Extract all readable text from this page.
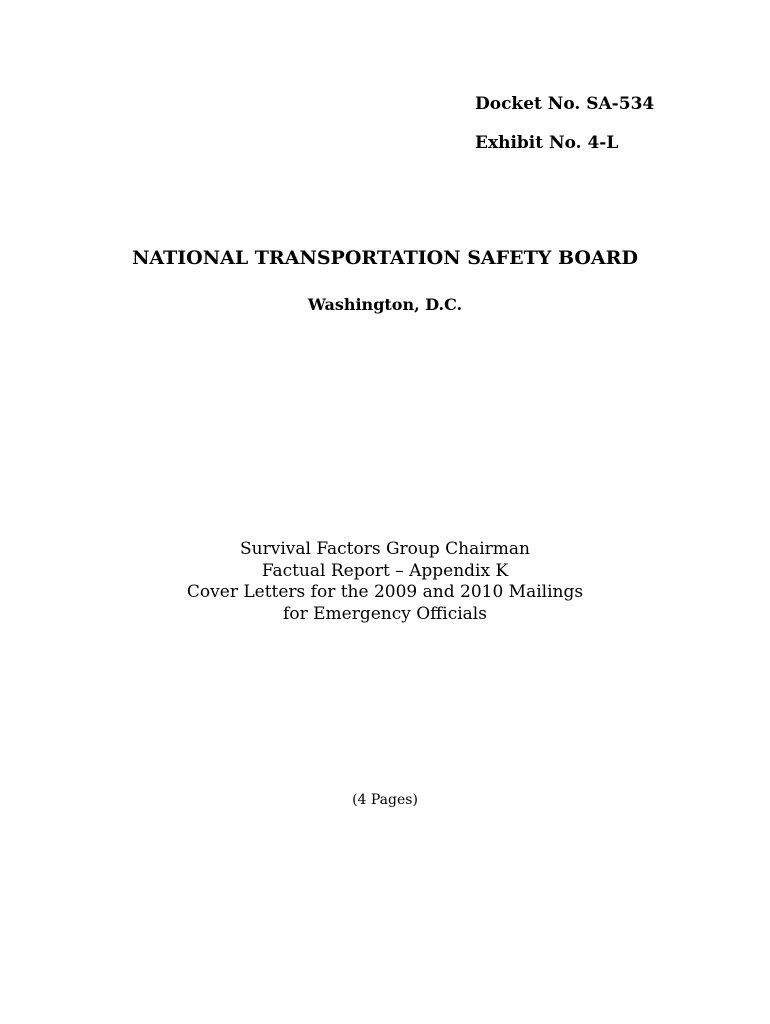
Docket No. SA-534
Exhibit No. 4-L
NATIONAL TRANSPORTATION SAFETY BOARD
Washington, D.C.
Survival Factors Group Chairman
Factual Report – Appendix K
Cover Letters for the 2009 and 2010 Mailings
for Emergency Officials
(4 Pages)
